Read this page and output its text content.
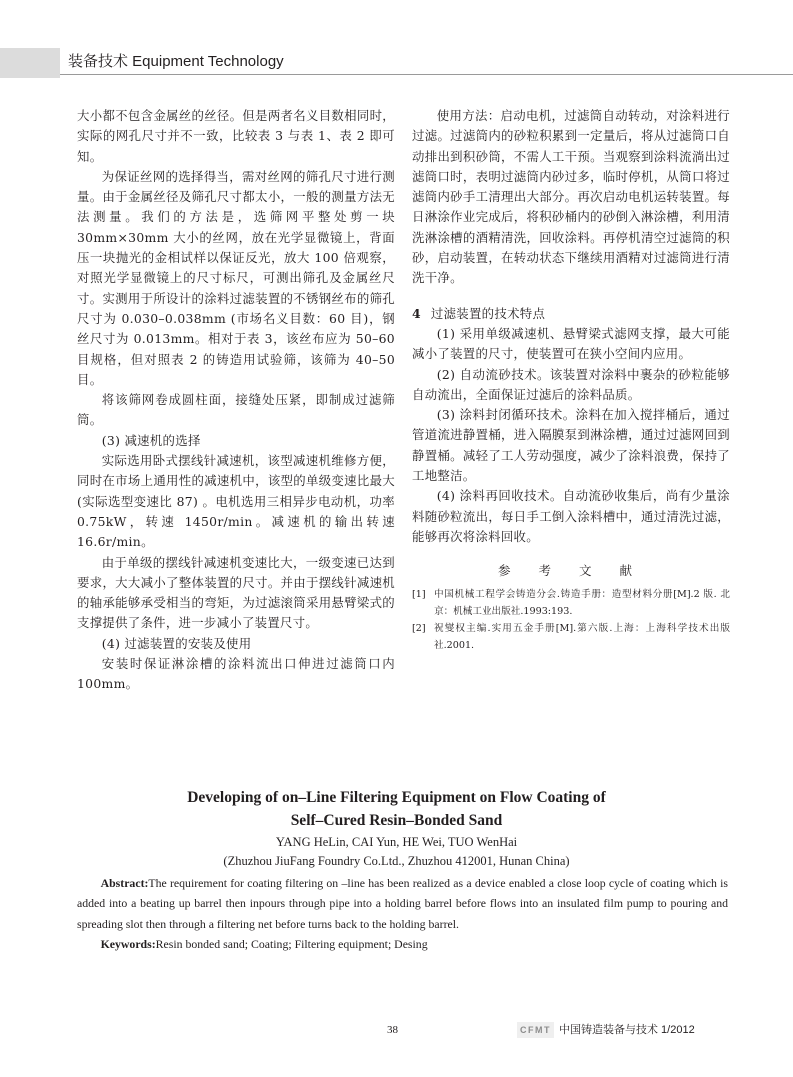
装备技术 Equipment Technology

大小都不包含金属丝的丝径。但是两者名义目数相同时，实际的网孔尺寸并不一致，比较表 3 与表 1、表 2 即可知。

为保证丝网的选择得当，需对丝网的筛孔尺寸进行测量。由于金属丝径及筛孔尺寸都太小，一般的测量方法无法测量。我们的方法是，选筛网平整处剪一块 30mm×30mm 大小的丝网，放在光学显微镜上，背面压一块抛光的金相试样以保证反光，放大 100 倍观察，对照光学显微镜上的尺寸标尺，可测出筛孔及金属丝尺寸。实测用于所设计的涂料过滤装置的不锈钢丝布的筛孔尺寸为 0.030–0.038mm (市场名义目数：60 目)，钢丝尺寸为 0.013mm。相对于表 3，该丝布应为 50–60 目规格，但对照表 2 的铸造用试验筛，该筛为 40–50 目。

将该筛网卷成圆柱面，接缝处压紧，即制成过滤筛筒。

(3) 减速机的选择

实际选用卧式摆线针减速机，该型减速机维修方便，同时在市场上通用性的减速机中，该型的单级变速比最大(实际选型变速比 87) 。电机选用三相异步电动机，功率 0.75kW，转速 1450r/min。减速机的输出转速 16.6r/min。

由于单级的摆线针减速机变速比大，一级变速已达到要求，大大减小了整体装置的尺寸。并由于摆线针减速机的轴承能够承受相当的弯矩，为过滤滚筒采用悬臂梁式的支撑提供了条件，进一步减小了装置尺寸。

(4) 过滤装置的安装及使用

安装时保证淋涂槽的涂料流出口伸进过滤筒口内 100mm。

使用方法：启动电机，过滤筒自动转动，对涂料进行过滤。过滤筒内的砂粒积累到一定量后，将从过滤筒口自动排出到积砂筒，不需人工干预。当观察到涂料流淌出过滤筒口时，表明过滤筒内砂过多，临时停机，从筒口将过滤筒内砂手工清理出大部分。再次启动电机运转装置。每日淋涂作业完成后，将积砂桶内的砂倒入淋涂槽，利用清洗淋涂槽的酒精清洗，回收涂料。再停机清空过滤筒的积砂，启动装置，在转动状态下继续用酒精对过滤筒进行清洗干净。

4 过滤装置的技术特点

(1) 采用单级减速机、悬臂梁式滤网支撑，最大可能减小了装置的尺寸，使装置可在狭小空间内应用。

(2) 自动流砂技术。该装置对涂料中裹杂的砂粒能够自动流出，全面保证过滤后的涂料品质。

(3) 涂料封闭循环技术。涂料在加入搅拌桶后，通过管道流进静置桶，进入隔膜泵到淋涂槽，通过过滤网回到静置桶。减轻了工人劳动强度，减少了涂料浪费，保持了工地整洁。

(4) 涂料再回收技术。自动流砂收集后，尚有少量涂料随砂粒流出，每日手工倒入涂料槽中，通过清洗过滤，能够再次将涂料回收。

参 考 文 献

[1] 中国机械工程学会铸造分会.铸造手册：造型材料分册[M].2 版. 北京：机械工业出版社.1993:193.
[2] 祝燮权主编.实用五金手册[M].第六版.上海：上海科学技术出版社.2001.
Developing of on–Line Filtering Equipment on Flow Coating of
Self–Cured Resin–Bonded Sand
YANG HeLin, CAI Yun, HE Wei, TUO WenHai
(Zhuzhou JiuFang Foundry Co.Ltd., Zhuzhou 412001, Hunan China)

Abstract:The requirement for coating filtering on –line has been realized as a device enabled a close loop cycle of coating which is added into a beating up barrel then inpours through pipe into a holding barrel before flows into an insulated film pump to pouring and spreading slot then through a filtering net before turns back to the holding barrel.

Keywords:Resin bonded sand; Coating; Filtering equipment; Desing

38	CFMT 中国铸造装备与技术 1/2012
